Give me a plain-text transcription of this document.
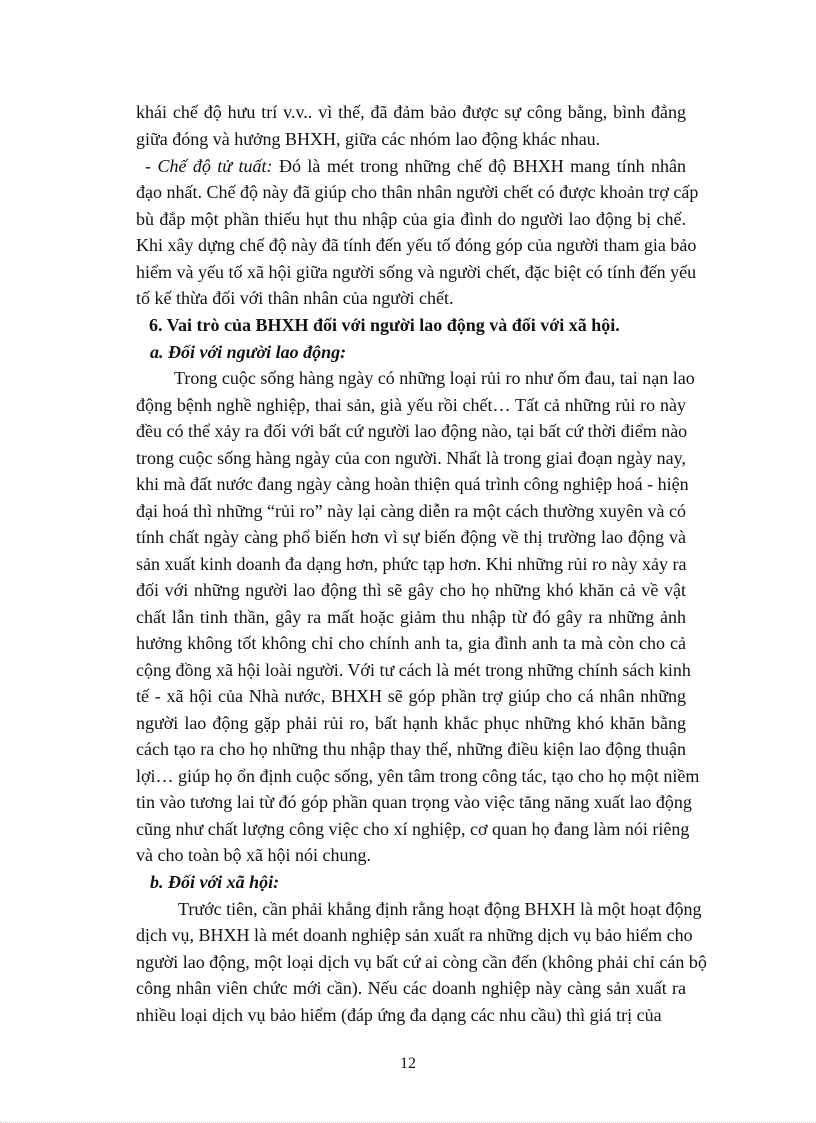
khái chế độ hưu trí v.v.. vì thế, đã đảm bảo được sự công bằng, bình đẳng
giữa đóng và hưởng BHXH, giữa các nhóm lao động khác nhau.
- Chế độ tử tuất: Đó là mét trong những chế độ BHXH mang tính nhân
đạo nhất. Chế độ này đã giúp cho thân nhân người chết có được khoản trợ cấp
bù đắp một phần thiếu hụt thu nhập của gia đình do người lao động bị chế.
Khi xây dựng chế độ này đã tính đến yếu tố đóng góp của người tham gia bảo
hiểm và yếu tố xã hội giữa người sống và người chết, đặc biệt có tính đến yếu
tố kế thừa đối với thân nhân của người chết.
6. Vai trò của BHXH đối với người lao động và đối với xã hội.
a. Đối với người lao động:
Trong cuộc sống hàng ngày có những loại rủi ro như ốm đau, tai nạn lao
động bệnh nghề nghiệp, thai sản, già yếu rồi chết… Tất cả những rủi ro này
đều có thể xảy ra đối với bất cứ người lao động nào, tại bất cứ thời điểm nào
trong cuộc sống hàng ngày của con người. Nhất là trong giai đoạn ngày nay,
khi mà đất nước đang ngày càng hoàn thiện quá trình công nghiệp hoá - hiện
đại hoá thì những “rủi ro” này lại càng diễn ra một cách thường xuyên và có
tính chất ngày càng phổ biến hơn vì sự biến động về thị trường lao động và
sản xuất kinh doanh đa dạng hơn, phức tạp hơn. Khi những rủi ro này xảy ra
đối với những người lao động thì sẽ gây cho họ những khó khăn cả về vật
chất lẫn tinh thần, gây ra mất hoặc giảm thu nhập từ đó gây ra những ảnh
hưởng không tốt không chỉ cho chính anh ta, gia đình anh ta mà còn cho cả
cộng đồng xã hội loài người. Với tư cách là mét trong những chính sách kinh
tế - xã hội của Nhà nước, BHXH sẽ góp phần trợ giúp cho cá nhân những
người lao động gặp phải rủi ro, bất hạnh khắc phục những khó khăn bằng
cách tạo ra cho họ những thu nhập thay thế, những điều kiện lao động thuận
lợi… giúp họ ổn định cuộc sống, yên tâm trong công tác, tạo cho họ một niềm
tin vào tương lai từ đó góp phần quan trọng vào việc tăng năng xuất lao động
cũng như chất lượng công việc cho xí nghiệp, cơ quan họ đang làm nói riêng
và cho toàn bộ xã hội nói chung.
b. Đối với xã hội:
Trước tiên, cần phải khẳng định rằng hoạt động BHXH là một hoạt động
dịch vụ, BHXH là mét doanh nghiệp sản xuất ra những dịch vụ bảo hiểm cho
người lao động, một loại dịch vụ bất cứ ai còng cần đến (không phải chỉ cán bộ
công nhân viên chức mới cần). Nếu các doanh nghiệp này càng sản xuất ra
nhiều loại dịch vụ bảo hiểm (đáp ứng đa dạng các nhu cầu) thì giá trị của
12
